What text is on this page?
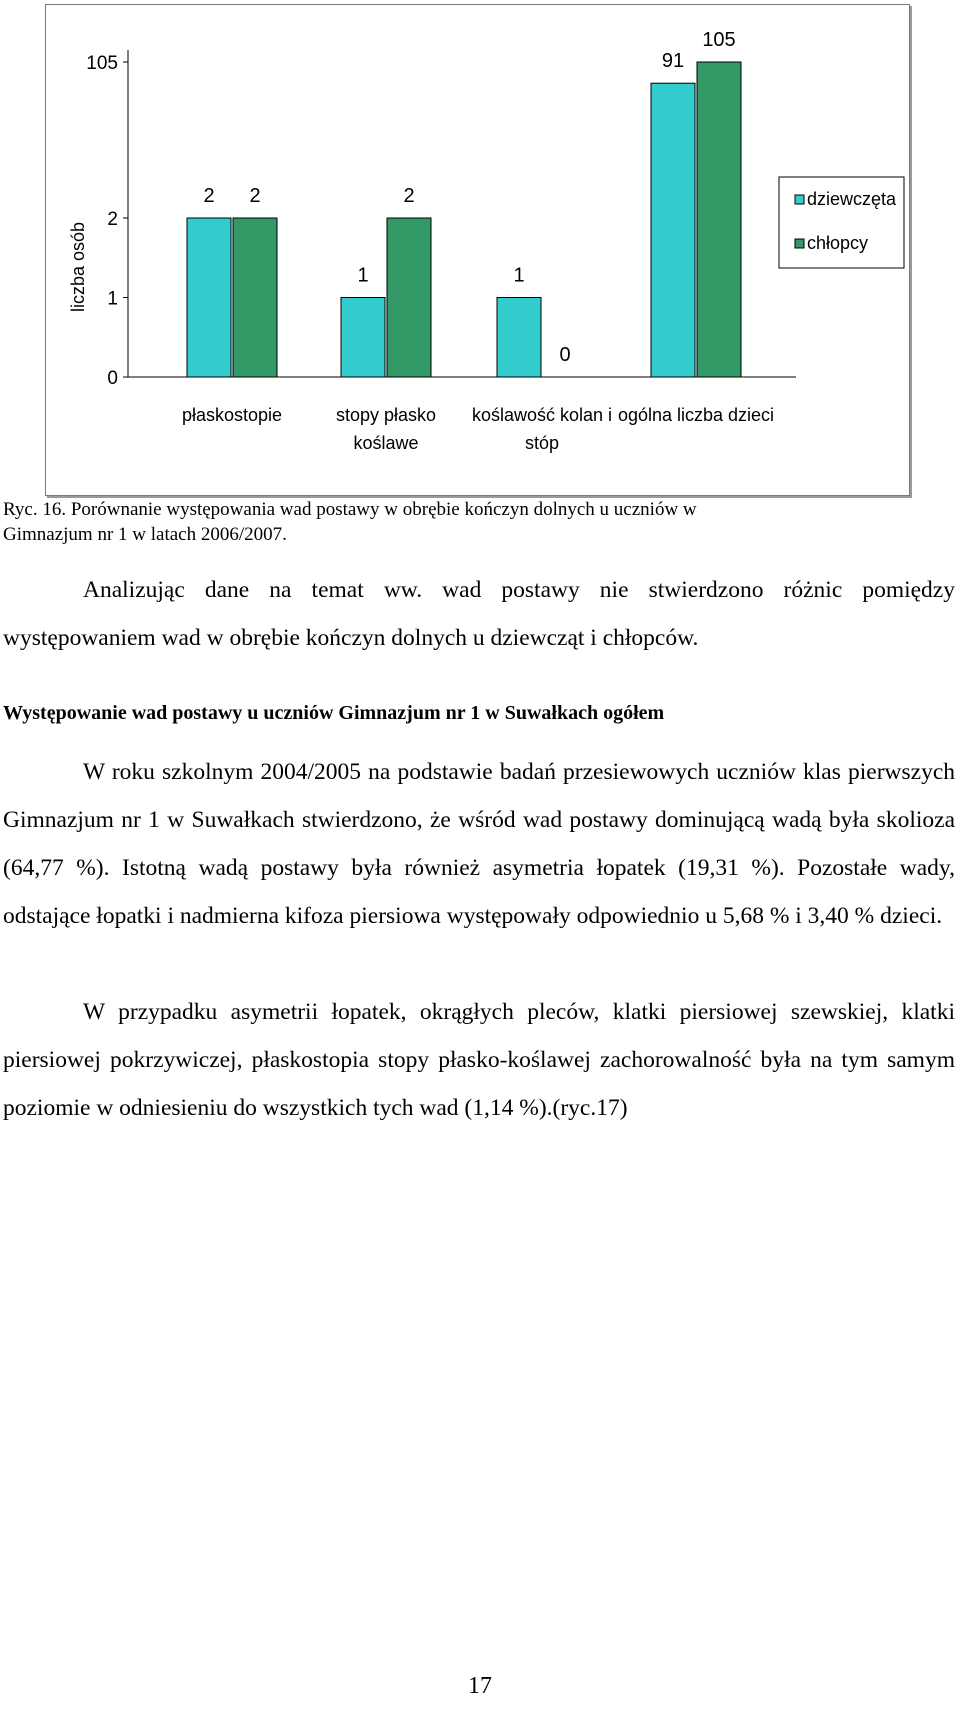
0
1
2
105
liczba osób
2 2
płaskostopie
1
2
stopy płasko
koślawe
1
0
koślawość kolan i
stóp
91
105
ogólna liczba dzieci
dziewczęta
chłopcy
Ryc. 16. Porównanie występowania wad postawy w obrębie kończyn dolnych u uczniów w
Gimnazjum nr 1 w latach 2006/2007.

Analizując dane na temat ww. wad postawy nie stwierdzono różnic pomiędzy występowaniem wad w obrębie kończyn dolnych u dziewcząt i chłopców.

Występowanie wad postawy u uczniów Gimnazjum nr 1 w Suwałkach ogółem

W roku szkolnym 2004/2005 na podstawie badań przesiewowych uczniów klas pierwszych Gimnazjum nr 1 w Suwałkach stwierdzono, że wśród wad postawy dominującą wadą była skolioza (64,77 %). Istotną wadą postawy była również asymetria łopatek (19,31 %). Pozostałe wady, odstające łopatki i nadmierna kifoza piersiowa występowały odpowiednio u 5,68 % i 3,40 % dzieci.

W przypadku asymetrii łopatek, okrągłych pleców, klatki piersiowej szewskiej, klatki piersiowej pokrzywiczej, płaskostopia stopy płasko-koślawej zachorowalność była na tym samym poziomie w odniesieniu do wszystkich tych wad (1,14 %).(ryc.17)

17
